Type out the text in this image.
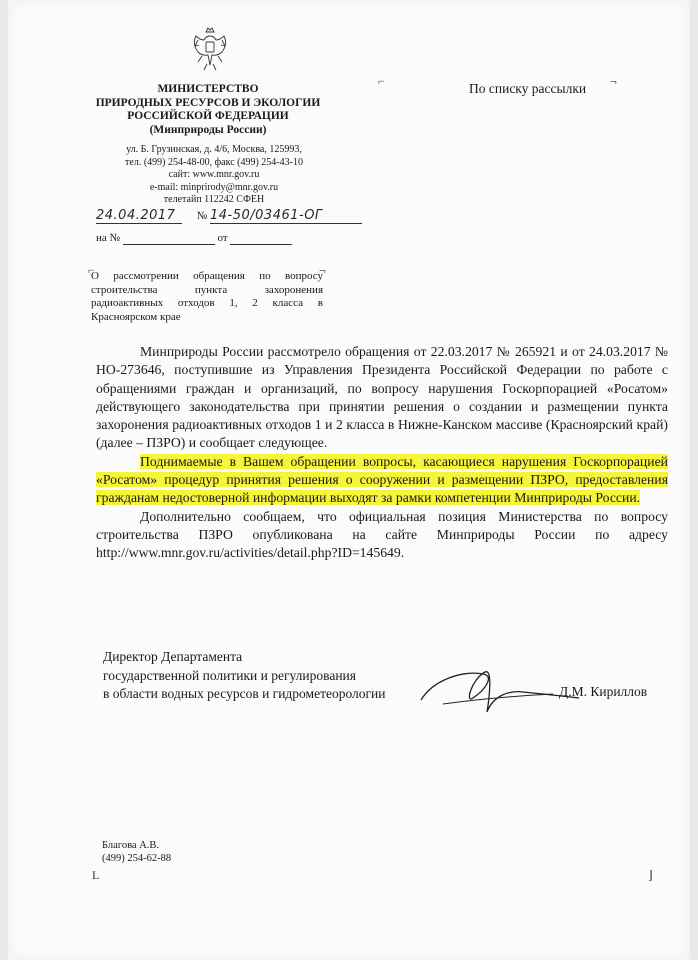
МИНИСТЕРСТВО
ПРИРОДНЫХ РЕСУРСОВ И ЭКОЛОГИИ
РОССИЙСКОЙ ФЕДЕРАЦИИ
(Минприроды России)
ул. Б. Грузинская, д. 4/6, Москва, 125993,
тел. (499) 254-48-00, факс (499) 254-43-10
сайт: www.mnr.gov.ru
e-mail: minprirody@mnr.gov.ru
телетайп 112242 СФЕН
⌐	¬
По списку рассылки
24.04.2017 № 14-50/03461-ОГ
на №	от
⌐	¬
О рассмотрении обращения по вопросу строительства пункта захоронения радиоактивных отходов 1, 2 класса в Красноярском крае

Минприроды России рассмотрело обращения от 22.03.2017 № 265921 и от 24.03.2017 № НО-273646, поступившие из Управления Президента Российской Федерации по работе с обращениями граждан и организаций, по вопросу нарушения Госкорпорацией «Росатом» действующего законодательства при принятии решения о создании и размещении пункта захоронения радиоактивных отходов 1 и 2 класса в Нижне-Канском массиве (Красноярский край) (далее – ПЗРО) и сообщает следующее.

Поднимаемые в Вашем обращении вопросы, касающиеся нарушения Госкорпорацией «Росатом» процедур принятия решения о сооружении и размещении ПЗРО, предоставления гражданам недостоверной информации выходят за рамки компетенции Минприроды России.

Дополнительно сообщаем, что официальная позиция Министерства по вопросу строительства ПЗРО опубликована на сайте Минприроды России по адресу http://www.mnr.gov.ru/activities/detail.php?ID=145649.

Директор Департамента
государственной политики и регулирования
в области водных ресурсов и гидрометеорологии	Д.М. Кириллов
Благова А.В.
(499) 254-62-88
L	⌋
